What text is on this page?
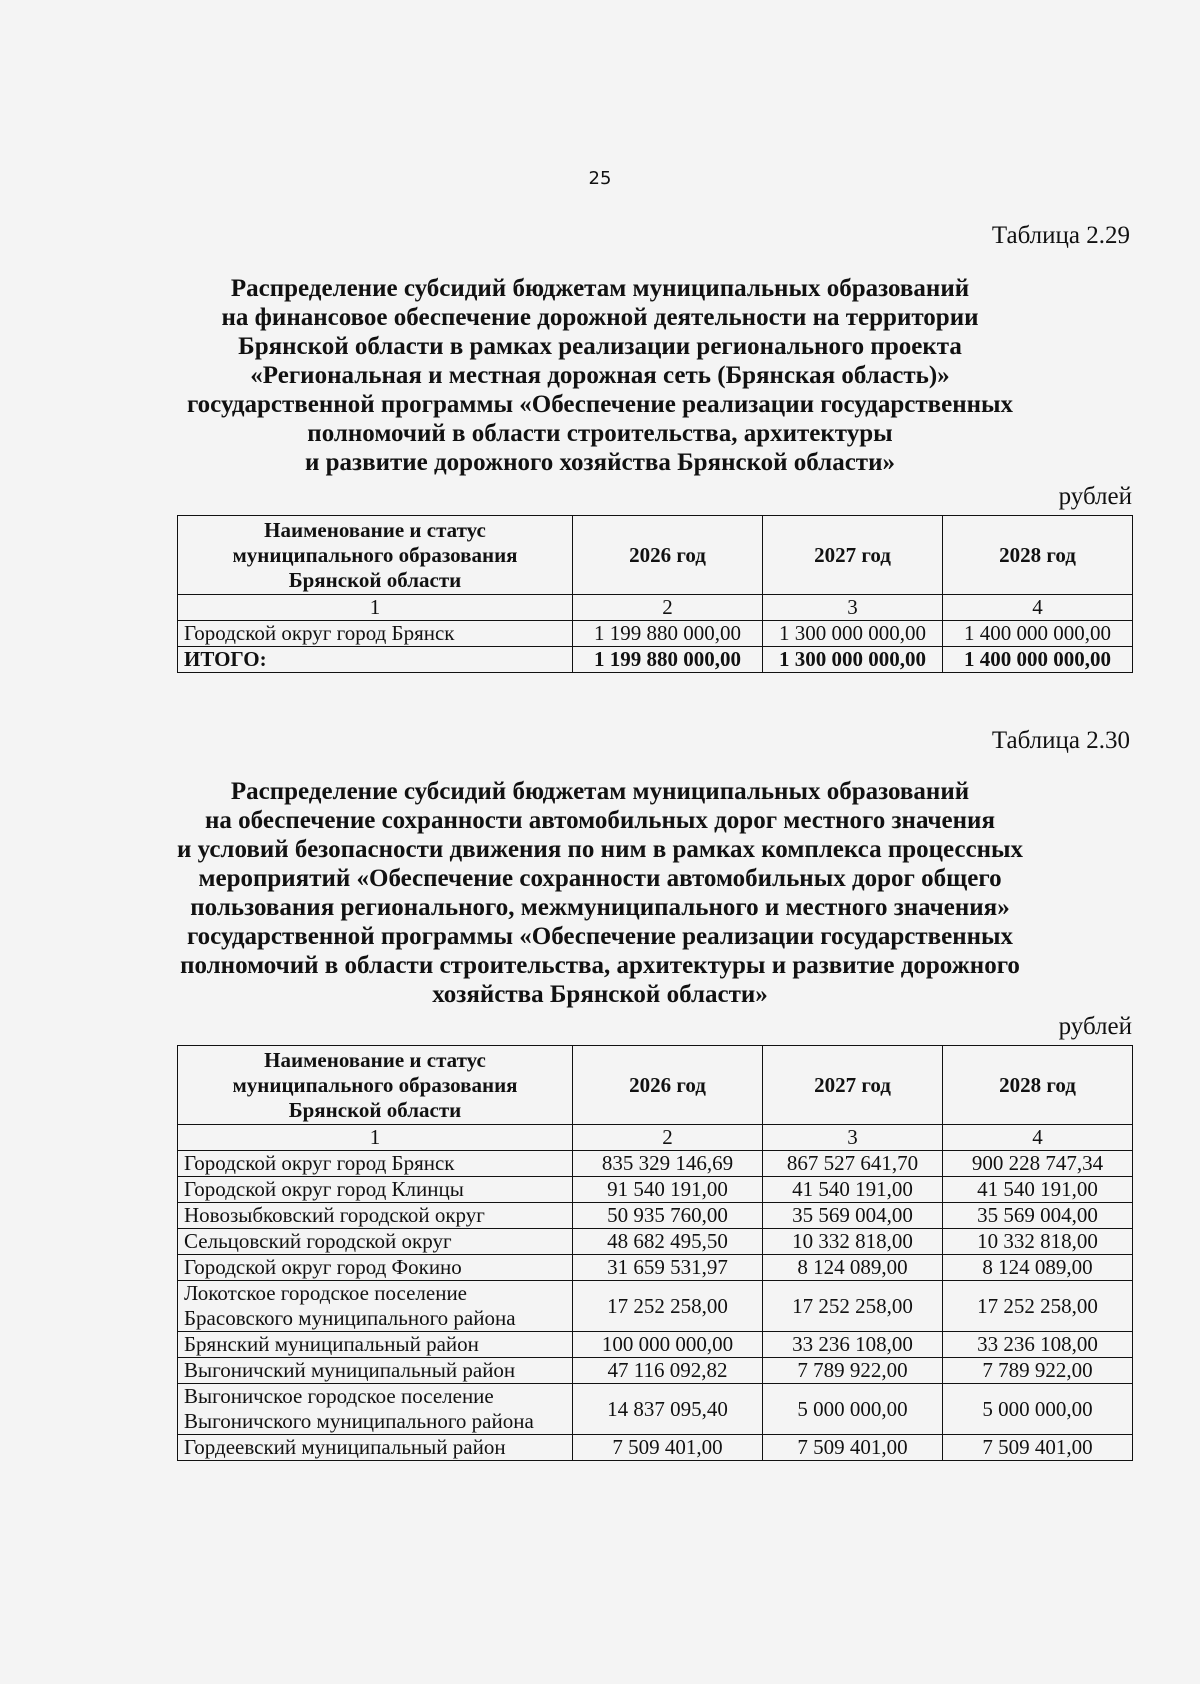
25
Таблица 2.29
Распределение субсидий бюджетам муниципальных образований
на финансовое обеспечение дорожной деятельности на территории
Брянской области в рамках реализации регионального проекта
«Региональная и местная дорожная сеть (Брянская область)»
государственной программы «Обеспечение реализации государственных
полномочий в области строительства, архитектуры
и развитие дорожного хозяйства Брянской области»
рублей
Наименование и статус муниципального образования Брянской области	2026 год	2027 год	2028 год
1	2	3	4
Городской округ город Брянск	1 199 880 000,00	1 300 000 000,00	1 400 000 000,00
ИТОГО:	1 199 880 000,00	1 300 000 000,00	1 400 000 000,00
Таблица 2.30
Распределение субсидий бюджетам муниципальных образований
на обеспечение сохранности автомобильных дорог местного значения
и условий безопасности движения по ним в рамках комплекса процессных
мероприятий «Обеспечение сохранности автомобильных дорог общего
пользования регионального, межмуниципального и местного значения»
государственной программы «Обеспечение реализации государственных
полномочий в области строительства, архитектуры и развитие дорожного
хозяйства Брянской области»
рублей
Наименование и статус муниципального образования Брянской области	2026 год	2027 год	2028 год
1	2	3	4
Городской округ город Брянск	835 329 146,69	867 527 641,70	900 228 747,34
Городской округ город Клинцы	91 540 191,00	41 540 191,00	41 540 191,00
Новозыбковский городской округ	50 935 760,00	35 569 004,00	35 569 004,00
Сельцовский городской округ	48 682 495,50	10 332 818,00	10 332 818,00
Городской округ город Фокино	31 659 531,97	8 124 089,00	8 124 089,00
Локотское городское поселение Брасовского муниципального района	17 252 258,00	17 252 258,00	17 252 258,00
Брянский муниципальный район	100 000 000,00	33 236 108,00	33 236 108,00
Выгоничский муниципальный район	47 116 092,82	7 789 922,00	7 789 922,00
Выгоничское городское поселение Выгоничского муниципального района	14 837 095,40	5 000 000,00	5 000 000,00
Гордеевский муниципальный район	7 509 401,00	7 509 401,00	7 509 401,00
